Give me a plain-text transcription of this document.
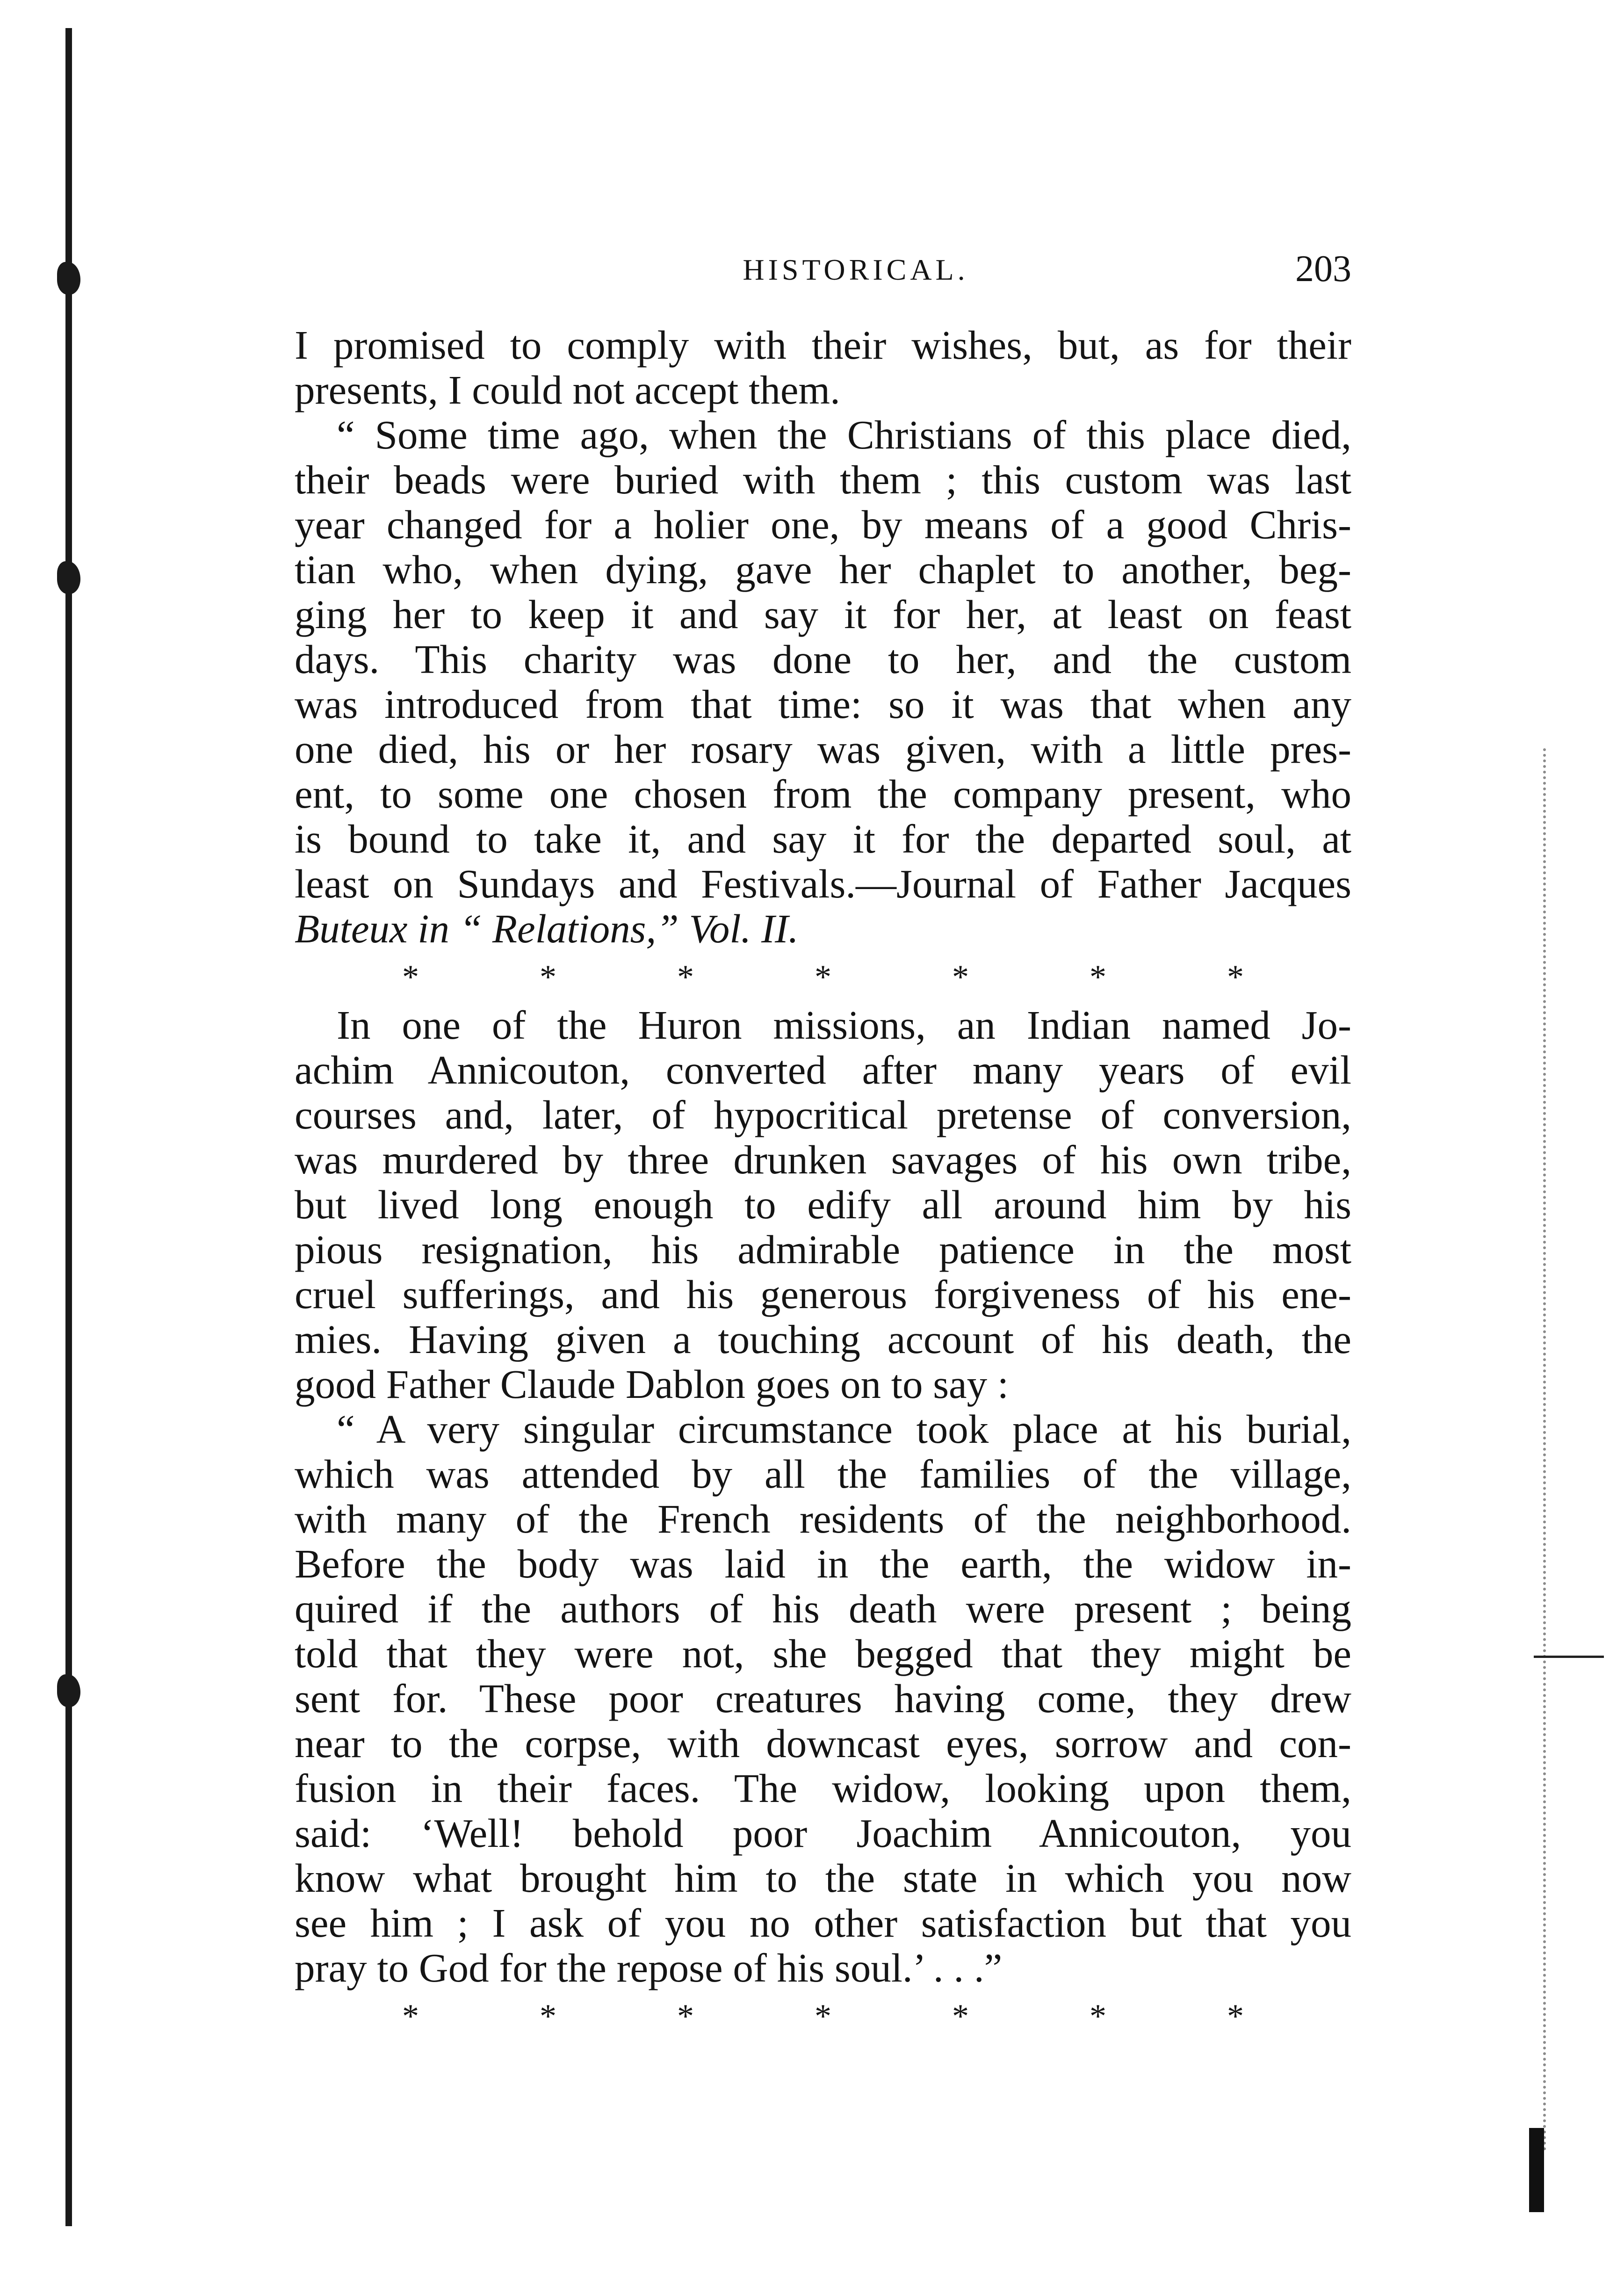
HISTORICAL.	203
I promised to comply with their wishes, but, as for their
presents, I could not accept them.
“ Some time ago, when the Christians of this place died,
their beads were buried with them ; this custom was last
year changed for a holier one, by means of a good Chris-
tian who, when dying, gave her chaplet to another, beg-
ging her to keep it and say it for her, at least on feast
days. This charity was done to her, and the custom
was introduced from that time: so it was that when any
one died, his or her rosary was given, with a little pres-
ent, to some one chosen from the company present, who
is bound to take it, and say it for the departed soul, at
least on Sundays and Festivals.—Journal of Father Jacques
Buteux in “ Relations,” Vol. II.
*	*	*	*	*	*	*
In one of the Huron missions, an Indian named Jo-
achim Annicouton, converted after many years of evil
courses and, later, of hypocritical pretense of conversion,
was murdered by three drunken savages of his own tribe,
but lived long enough to edify all around him by his
pious resignation, his admirable patience in the most
cruel sufferings, and his generous forgiveness of his ene-
mies. Having given a touching account of his death, the
good Father Claude Dablon goes on to say :
“ A very singular circumstance took place at his burial,
which was attended by all the families of the village,
with many of the French residents of the neighborhood.
Before the body was laid in the earth, the widow in-
quired if the authors of his death were present ; being
told that they were not, she begged that they might be
sent for. These poor creatures having come, they drew
near to the corpse, with downcast eyes, sorrow and con-
fusion in their faces. The widow, looking upon them,
said: ‘Well! behold poor Joachim Annicouton, you
know what brought him to the state in which you now
see him ; I ask of you no other satisfaction but that you
pray to God for the repose of his soul.’ . . .”
*	*	*	*	*	*	*
